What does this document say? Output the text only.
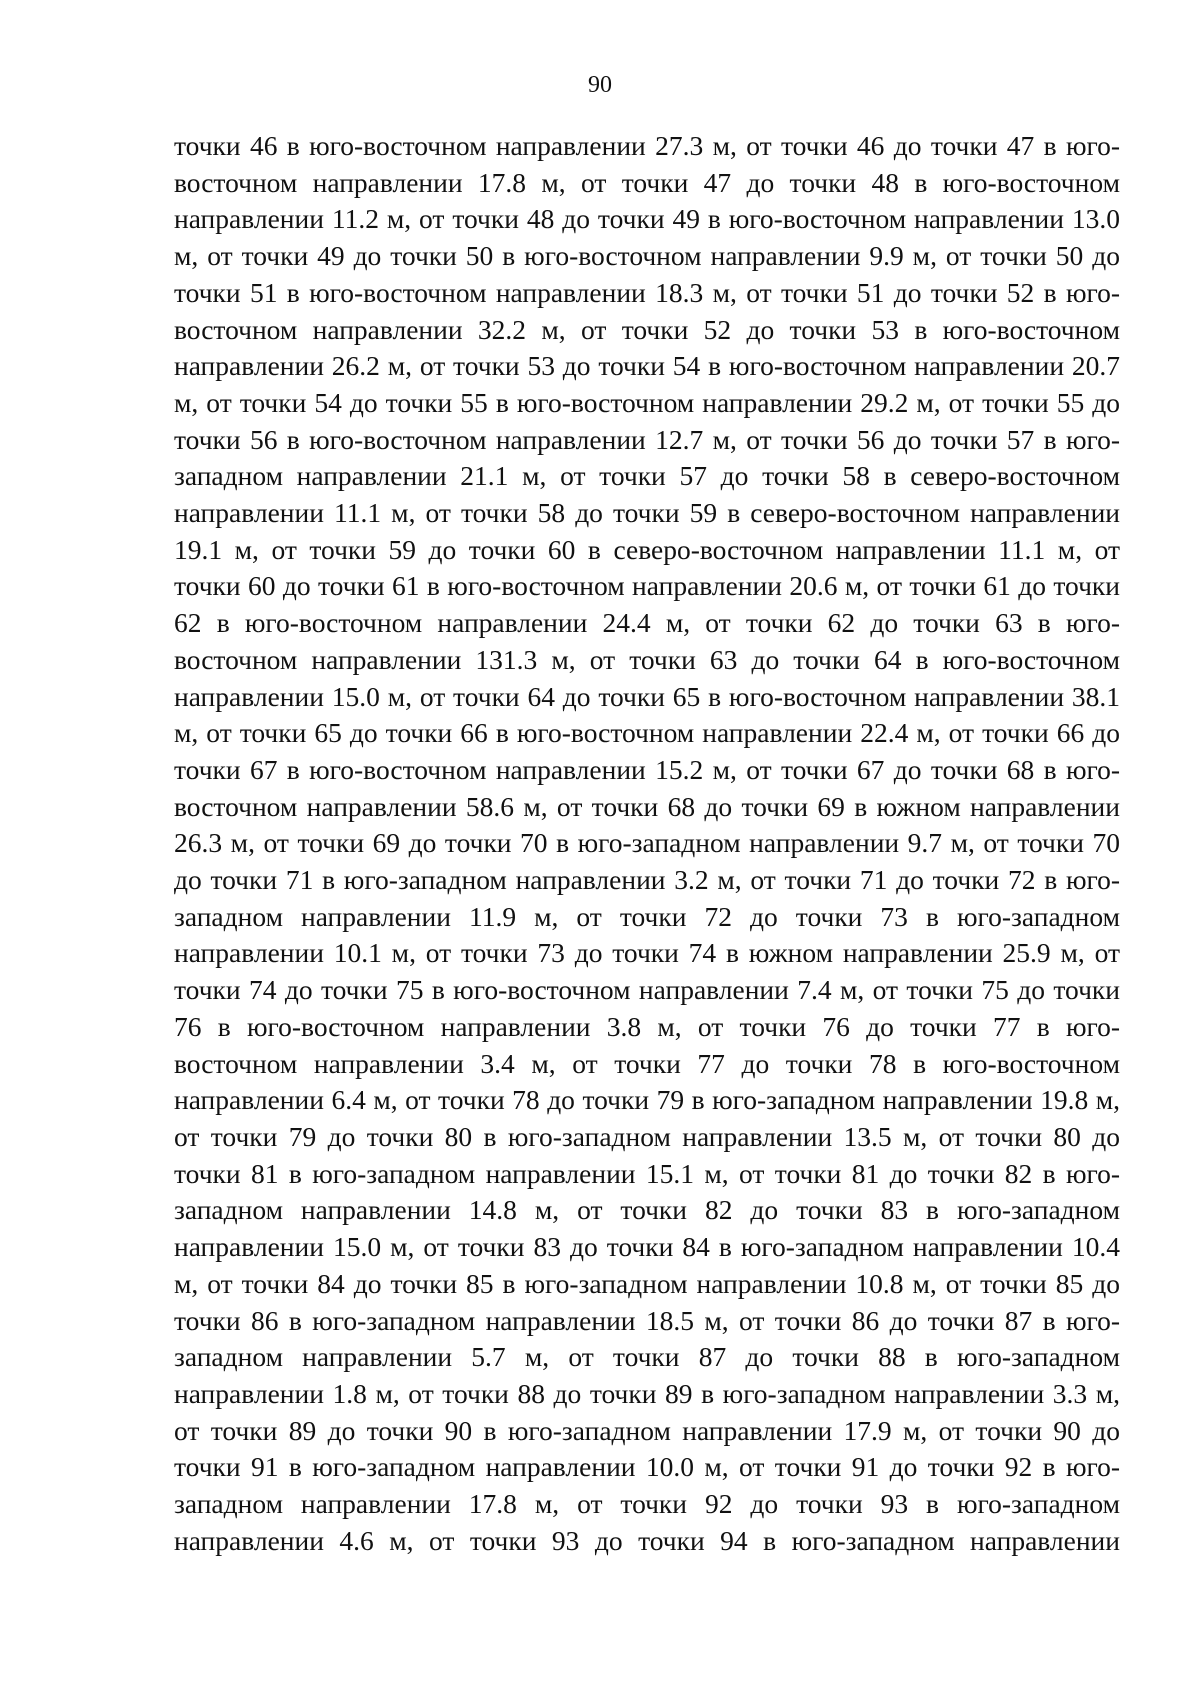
90

точки 46 в юго-восточном направлении 27.3 м, от точки 46 до точки 47 в юго-восточном направлении 17.8 м, от точки 47 до точки 48 в юго-восточном направлении 11.2 м, от точки 48 до точки 49 в юго-восточном направлении 13.0 м, от точки 49 до точки 50 в юго-восточном направлении 9.9 м, от точки 50 до точки 51 в юго-восточном направлении 18.3 м, от точки 51 до точки 52 в юго-восточном направлении 32.2 м, от точки 52 до точки 53 в юго-восточном направлении 26.2 м, от точки 53 до точки 54 в юго-восточном направлении 20.7 м, от точки 54 до точки 55 в юго-восточном направлении 29.2 м, от точки 55 до точки 56 в юго-восточном направлении 12.7 м, от точки 56 до точки 57 в юго-западном направлении 21.1 м, от точки 57 до точки 58 в северо-восточном направлении 11.1 м, от точки 58 до точки 59 в северо-восточном направлении 19.1 м, от точки 59 до точки 60 в северо-восточном направлении 11.1 м, от точки 60 до точки 61 в юго-восточном направлении 20.6 м, от точки 61 до точки 62 в юго-восточном направлении 24.4 м, от точки 62 до точки 63 в юго-восточном направлении 131.3 м, от точки 63 до точки 64 в юго-восточном направлении 15.0 м, от точки 64 до точки 65 в юго-восточном направлении 38.1 м, от точки 65 до точки 66 в юго-восточном направлении 22.4 м, от точки 66 до точки 67 в юго-восточном направлении 15.2 м, от точки 67 до точки 68 в юго-восточном направлении 58.6 м, от точки 68 до точки 69 в южном направлении 26.3 м, от точки 69 до точки 70 в юго-западном направлении 9.7 м, от точки 70 до точки 71 в юго-западном направлении 3.2 м, от точки 71 до точки 72 в юго-западном направлении 11.9 м, от точки 72 до точки 73 в юго-западном направлении 10.1 м, от точки 73 до точки 74 в южном направлении 25.9 м, от точки 74 до точки 75 в юго-восточном направлении 7.4 м, от точки 75 до точки 76 в юго-восточном направлении 3.8 м, от точки 76 до точки 77 в юго-восточном направлении 3.4 м, от точки 77 до точки 78 в юго-восточном направлении 6.4 м, от точки 78 до точки 79 в юго-западном направлении 19.8 м, от точки 79 до точки 80 в юго-западном направлении 13.5 м, от точки 80 до точки 81 в юго-западном направлении 15.1 м, от точки 81 до точки 82 в юго-западном направлении 14.8 м, от точки 82 до точки 83 в юго-западном направлении 15.0 м, от точки 83 до точки 84 в юго-западном направлении 10.4 м, от точки 84 до точки 85 в юго-западном направлении 10.8 м, от точки 85 до точки 86 в юго-западном направлении 18.5 м, от точки 86 до точки 87 в юго-западном направлении 5.7 м, от точки 87 до точки 88 в юго-западном направлении 1.8 м, от точки 88 до точки 89 в юго-западном направлении 3.3 м, от точки 89 до точки 90 в юго-западном направлении 17.9 м, от точки 90 до точки 91 в юго-западном направлении 10.0 м, от точки 91 до точки 92 в юго-западном направлении 17.8 м, от точки 92 до точки 93 в юго-западном направлении 4.6 м, от точки 93 до точки 94 в юго-западном направлении
